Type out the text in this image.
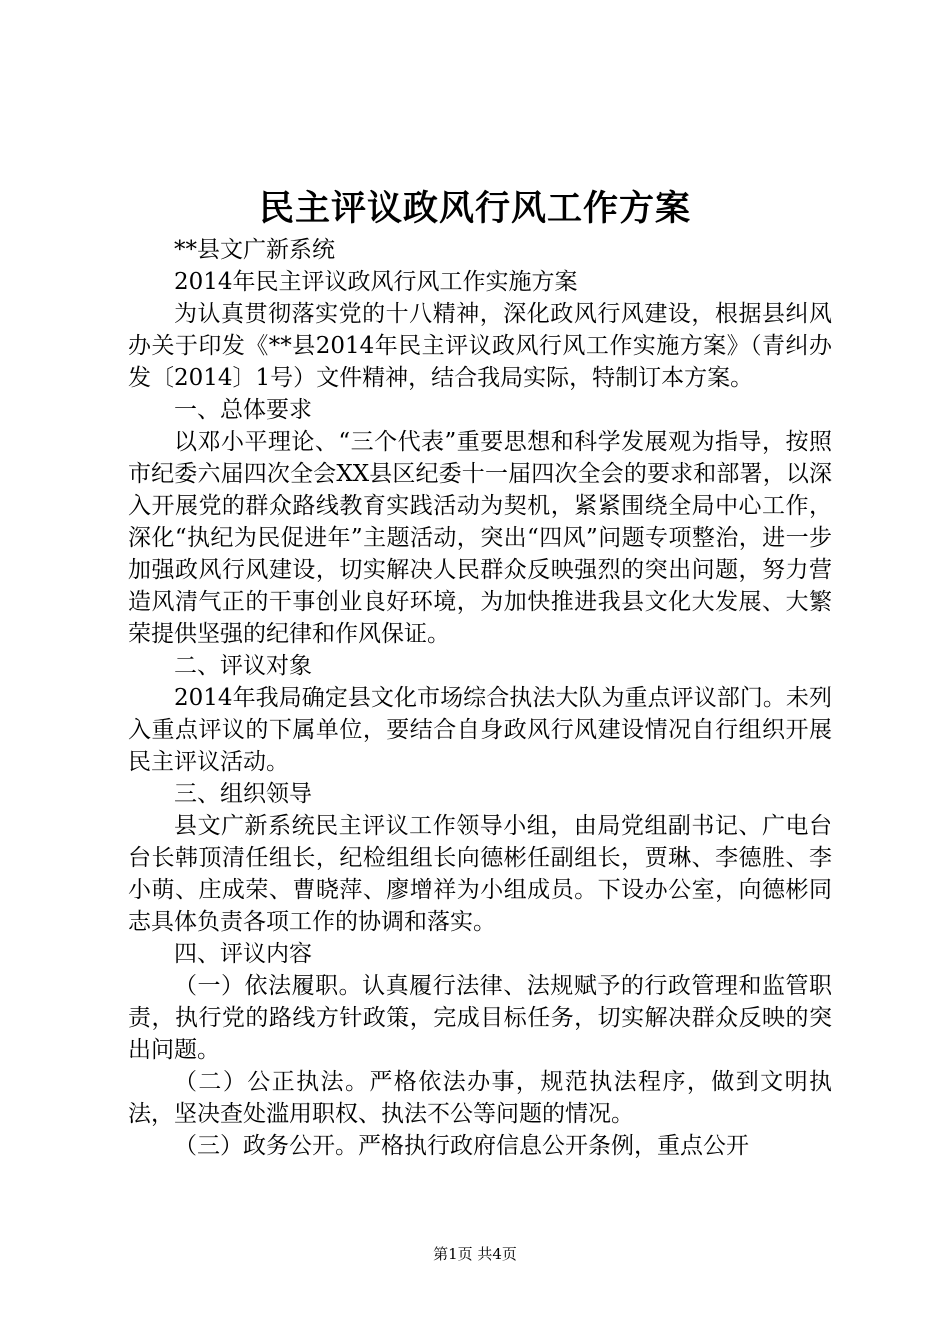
民主评议政风行风工作方案

**县文广新系统

2014年民主评议政风行风工作实施方案

为认真贯彻落实党的十八精神，深化政风行风建设，根据县纠风办关于印发《**县2014年民主评议政风行风工作实施方案》（青纠办发〔2014〕1号）文件精神，结合我局实际，特制订本方案。

一、总体要求

以邓小平理论、“三个代表”重要思想和科学发展观为指导，按照市纪委六届四次全会XX县区纪委十一届四次全会的要求和部署，以深入开展党的群众路线教育实践活动为契机，紧紧围绕全局中心工作，深化“执纪为民促进年”主题活动，突出“四风”问题专项整治，进一步加强政风行风建设，切实解决人民群众反映强烈的突出问题，努力营造风清气正的干事创业良好环境，为加快推进我县文化大发展、大繁荣提供坚强的纪律和作风保证。

二、评议对象

2014年我局确定县文化市场综合执法大队为重点评议部门。未列入重点评议的下属单位，要结合自身政风行风建设情况自行组织开展民主评议活动。

三、组织领导

县文广新系统民主评议工作领导小组，由局党组副书记、广电台台长韩顶清任组长，纪检组组长向德彬任副组长，贾琳、李德胜、李小萌、庄成荣、曹晓萍、廖增祥为小组成员。下设办公室，向德彬同志具体负责各项工作的协调和落实。

四、评议内容

（一）依法履职。认真履行法律、法规赋予的行政管理和监管职责，执行党的路线方针政策，完成目标任务，切实解决群众反映的突出问题。

（二）公正执法。严格依法办事，规范执法程序，做到文明执法，坚决查处滥用职权、执法不公等问题的情况。

（三）政务公开。严格执行政府信息公开条例，重点公开

第1页 共4页
